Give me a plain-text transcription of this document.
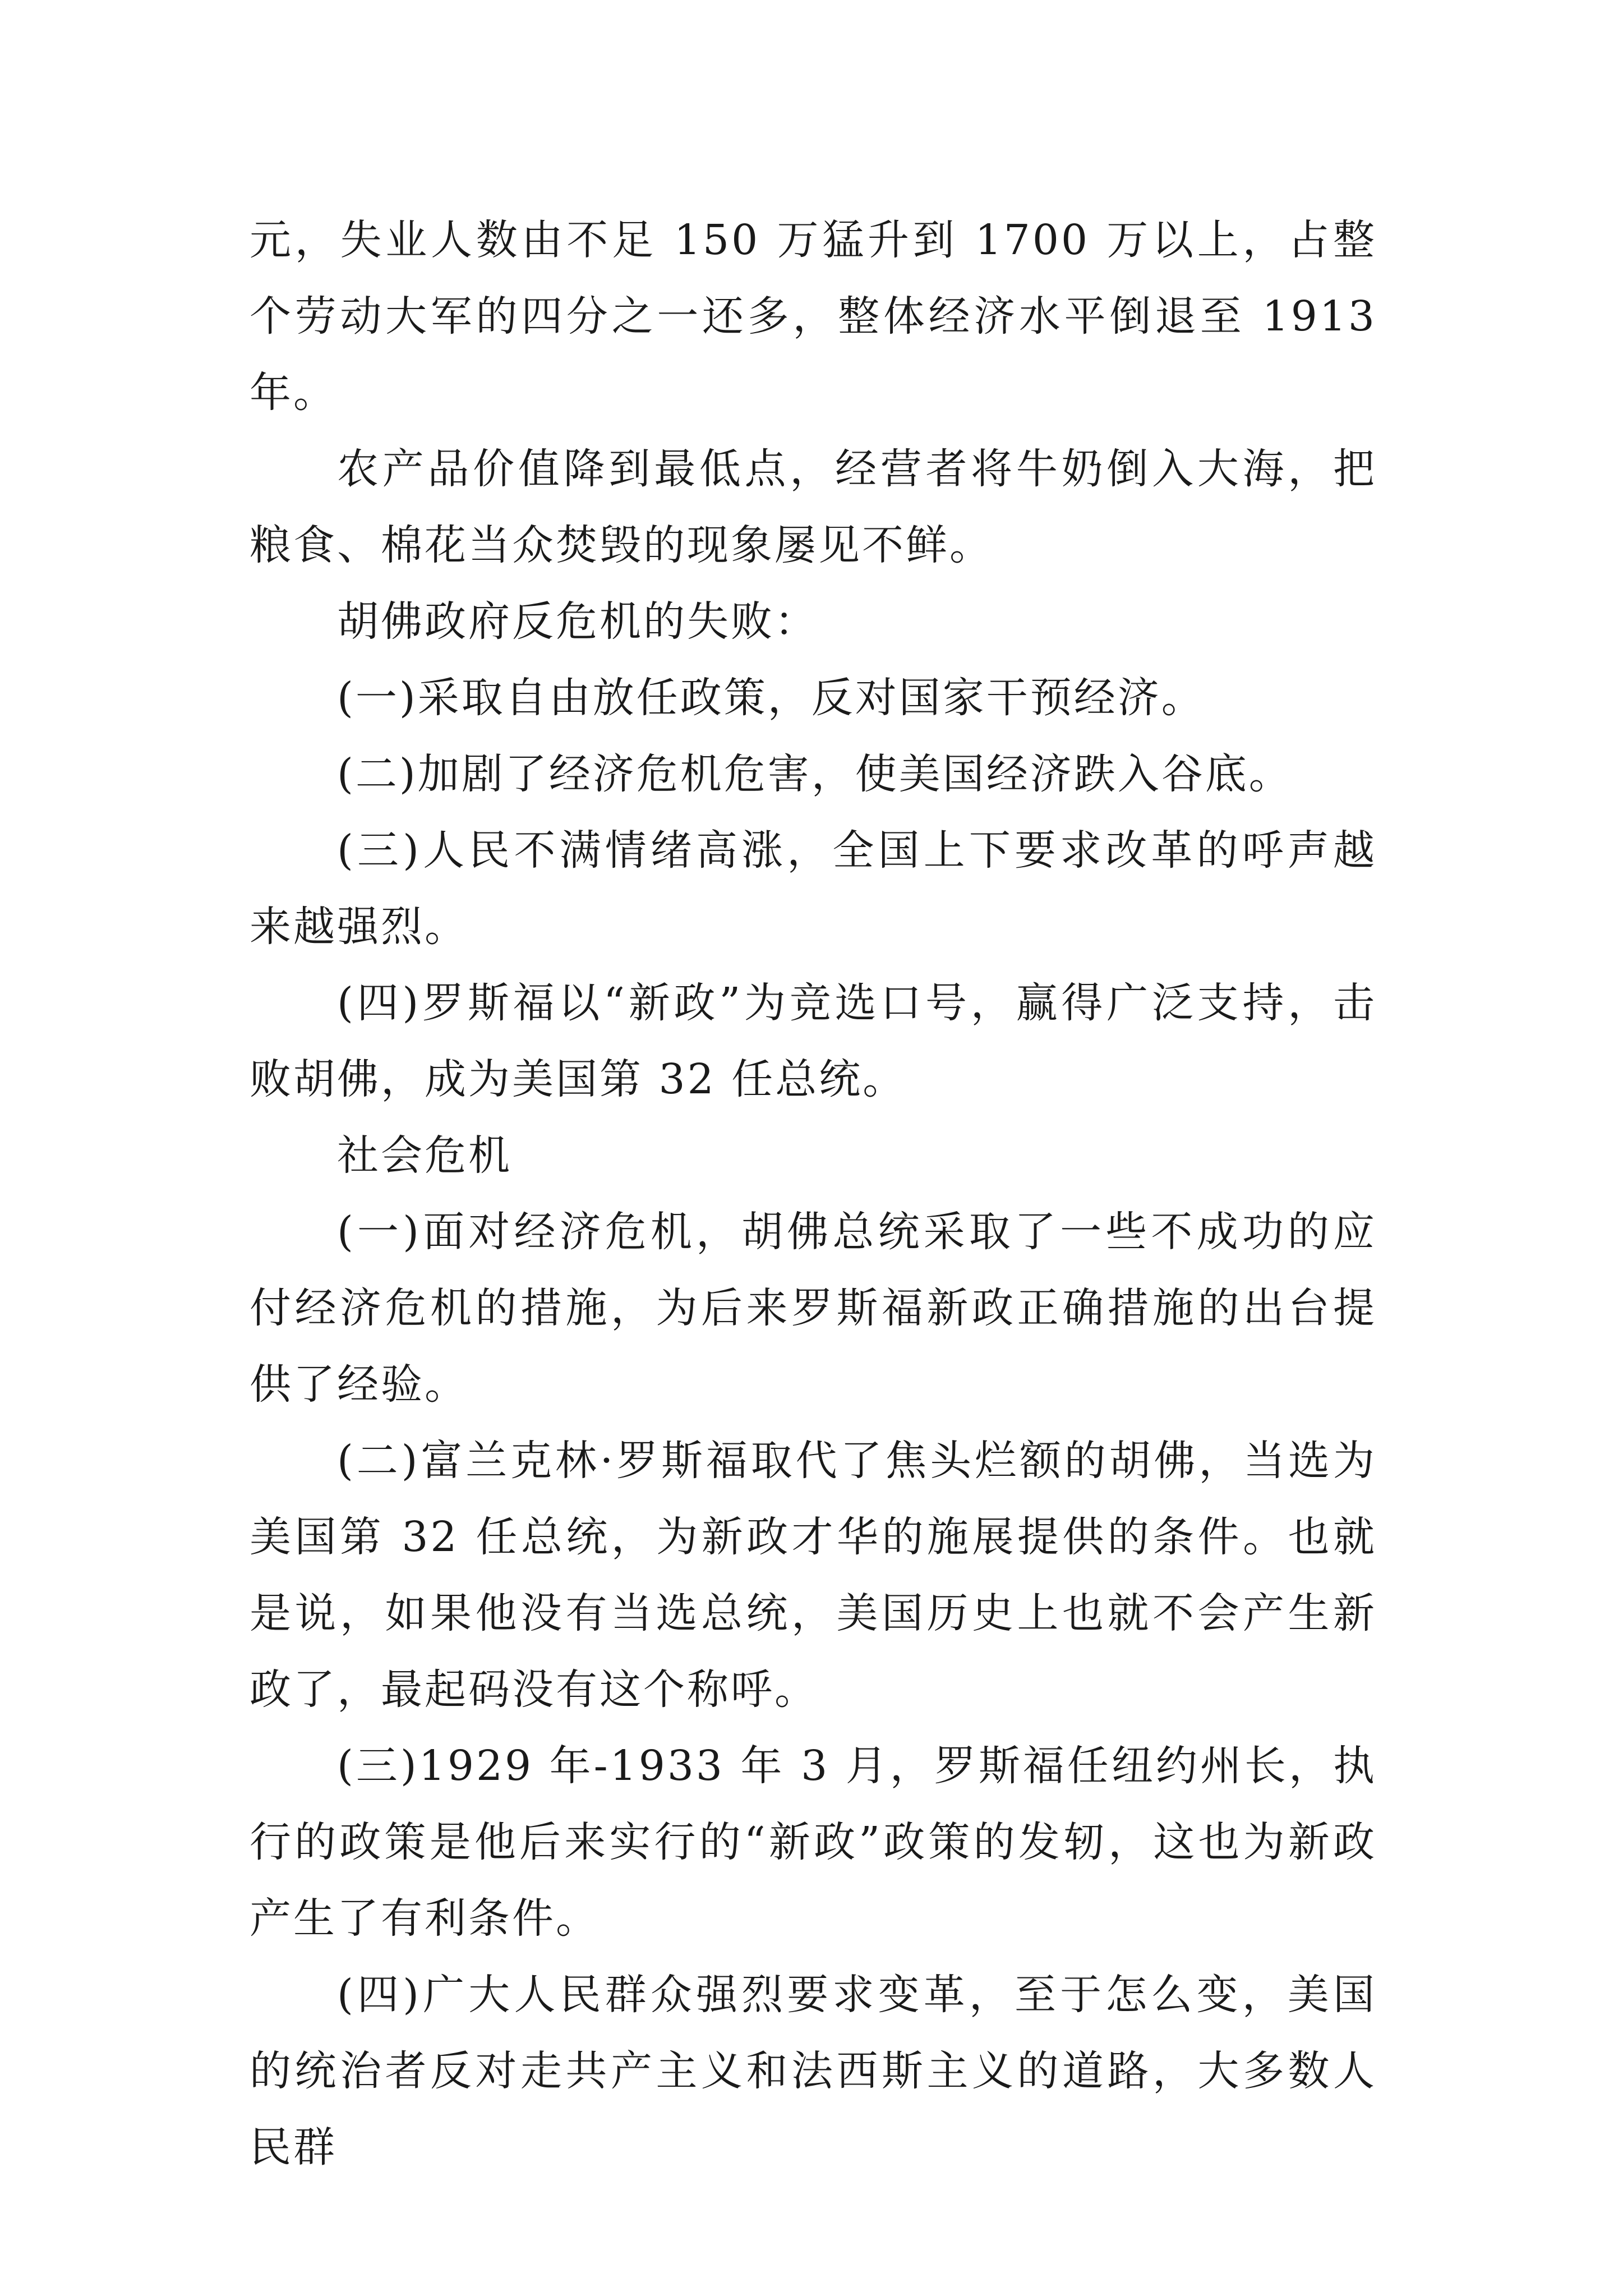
元，失业人数由不足 150 万猛升到 1700 万以上，占整个劳动大军的四分之一还多，整体经济水平倒退至 1913 年。

农产品价值降到最低点，经营者将牛奶倒入大海，把粮食、棉花当众焚毁的现象屡见不鲜。

胡佛政府反危机的失败：

(一)采取自由放任政策，反对国家干预经济。

(二)加剧了经济危机危害，使美国经济跌入谷底。

(三)人民不满情绪高涨，全国上下要求改革的呼声越来越强烈。

(四)罗斯福以“新政”为竞选口号，赢得广泛支持，击败胡佛，成为美国第 32 任总统。

社会危机

(一)面对经济危机，胡佛总统采取了一些不成功的应付经济危机的措施，为后来罗斯福新政正确措施的出台提供了经验。

(二)富兰克林·罗斯福取代了焦头烂额的胡佛，当选为美国第 32 任总统，为新政才华的施展提供的条件。也就是说，如果他没有当选总统，美国历史上也就不会产生新政了，最起码没有这个称呼。

(三)1929 年-1933 年 3 月，罗斯福任纽约州长，执行的政策是他后来实行的“新政”政策的发轫，这也为新政产生了有利条件。

(四)广大人民群众强烈要求变革，至于怎么变，美国的统治者反对走共产主义和法西斯主义的道路，大多数人民群
